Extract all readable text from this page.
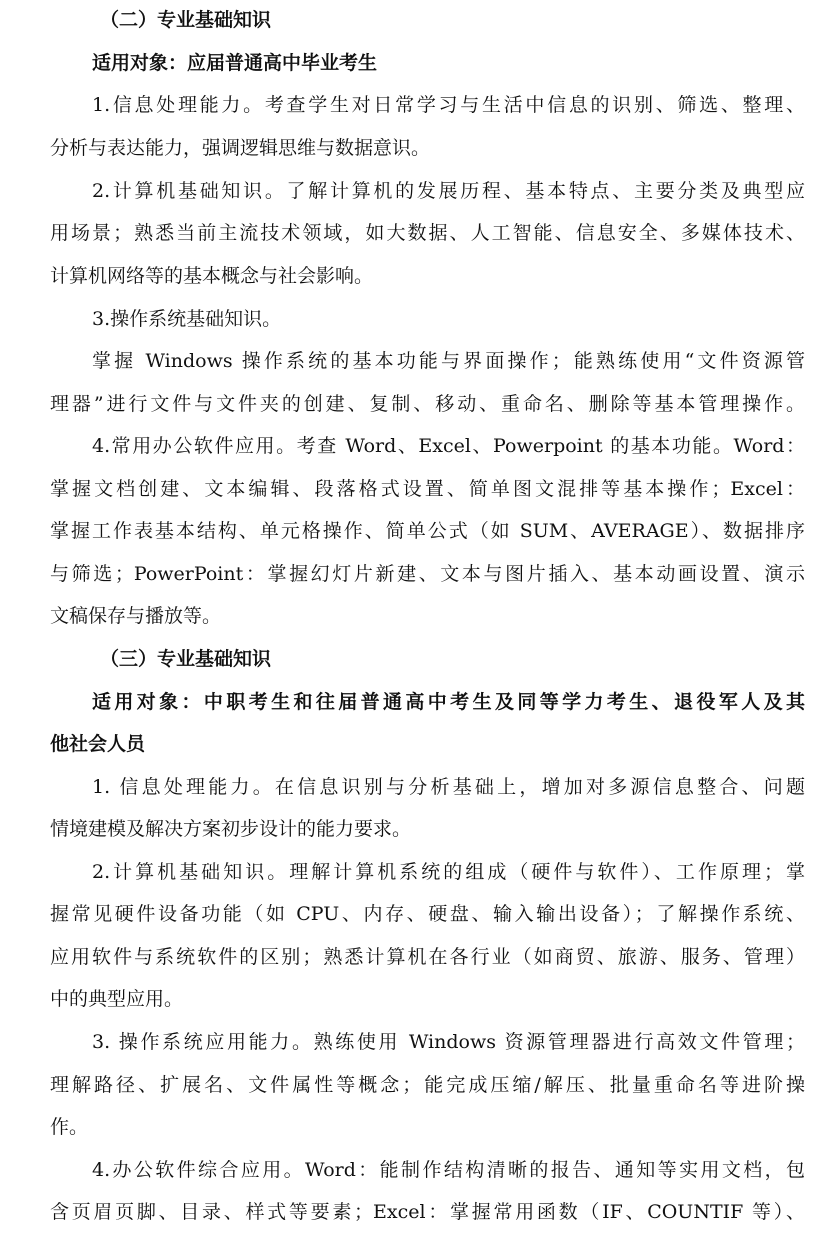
（二）专业基础知识
适用对象：应届普通高中毕业考生
1.信息处理能力。考查学生对日常学习与生活中信息的识别、筛选、整理、
分析与表达能力，强调逻辑思维与数据意识。
2.计算机基础知识。了解计算机的发展历程、基本特点、主要分类及典型应
用场景；熟悉当前主流技术领域，如大数据、人工智能、信息安全、多媒体技术、
计算机网络等的基本概念与社会影响。
3.操作系统基础知识。
掌握 Windows 操作系统的基本功能与界面操作；能熟练使用“文件资源管
理器”进行文件与文件夹的创建、复制、移动、重命名、删除等基本管理操作。
4.常用办公软件应用。考查 Word、Excel、Powerpoint 的基本功能。Word：
掌握文档创建、文本编辑、段落格式设置、简单图文混排等基本操作；Excel：
掌握工作表基本结构、单元格操作、简单公式（如 SUM、AVERAGE）、数据排序
与筛选；PowerPoint：掌握幻灯片新建、文本与图片插入、基本动画设置、演示
文稿保存与播放等。
（三）专业基础知识
适用对象：中职考生和往届普通高中考生及同等学力考生、退役军人及其
他社会人员
1. 信息处理能力。在信息识别与分析基础上，增加对多源信息整合、问题
情境建模及解决方案初步设计的能力要求。
2.计算机基础知识。理解计算机系统的组成（硬件与软件）、工作原理；掌
握常见硬件设备功能（如 CPU、内存、硬盘、输入输出设备）；了解操作系统、
应用软件与系统软件的区别；熟悉计算机在各行业（如商贸、旅游、服务、管理）
中的典型应用。
3. 操作系统应用能力。熟练使用 Windows 资源管理器进行高效文件管理；
理解路径、扩展名、文件属性等概念；能完成压缩/解压、批量重命名等进阶操
作。
4.办公软件综合应用。Word：能制作结构清晰的报告、通知等实用文档，包
含页眉页脚、目录、样式等要素；Excel：掌握常用函数（IF、COUNTIF 等）、
